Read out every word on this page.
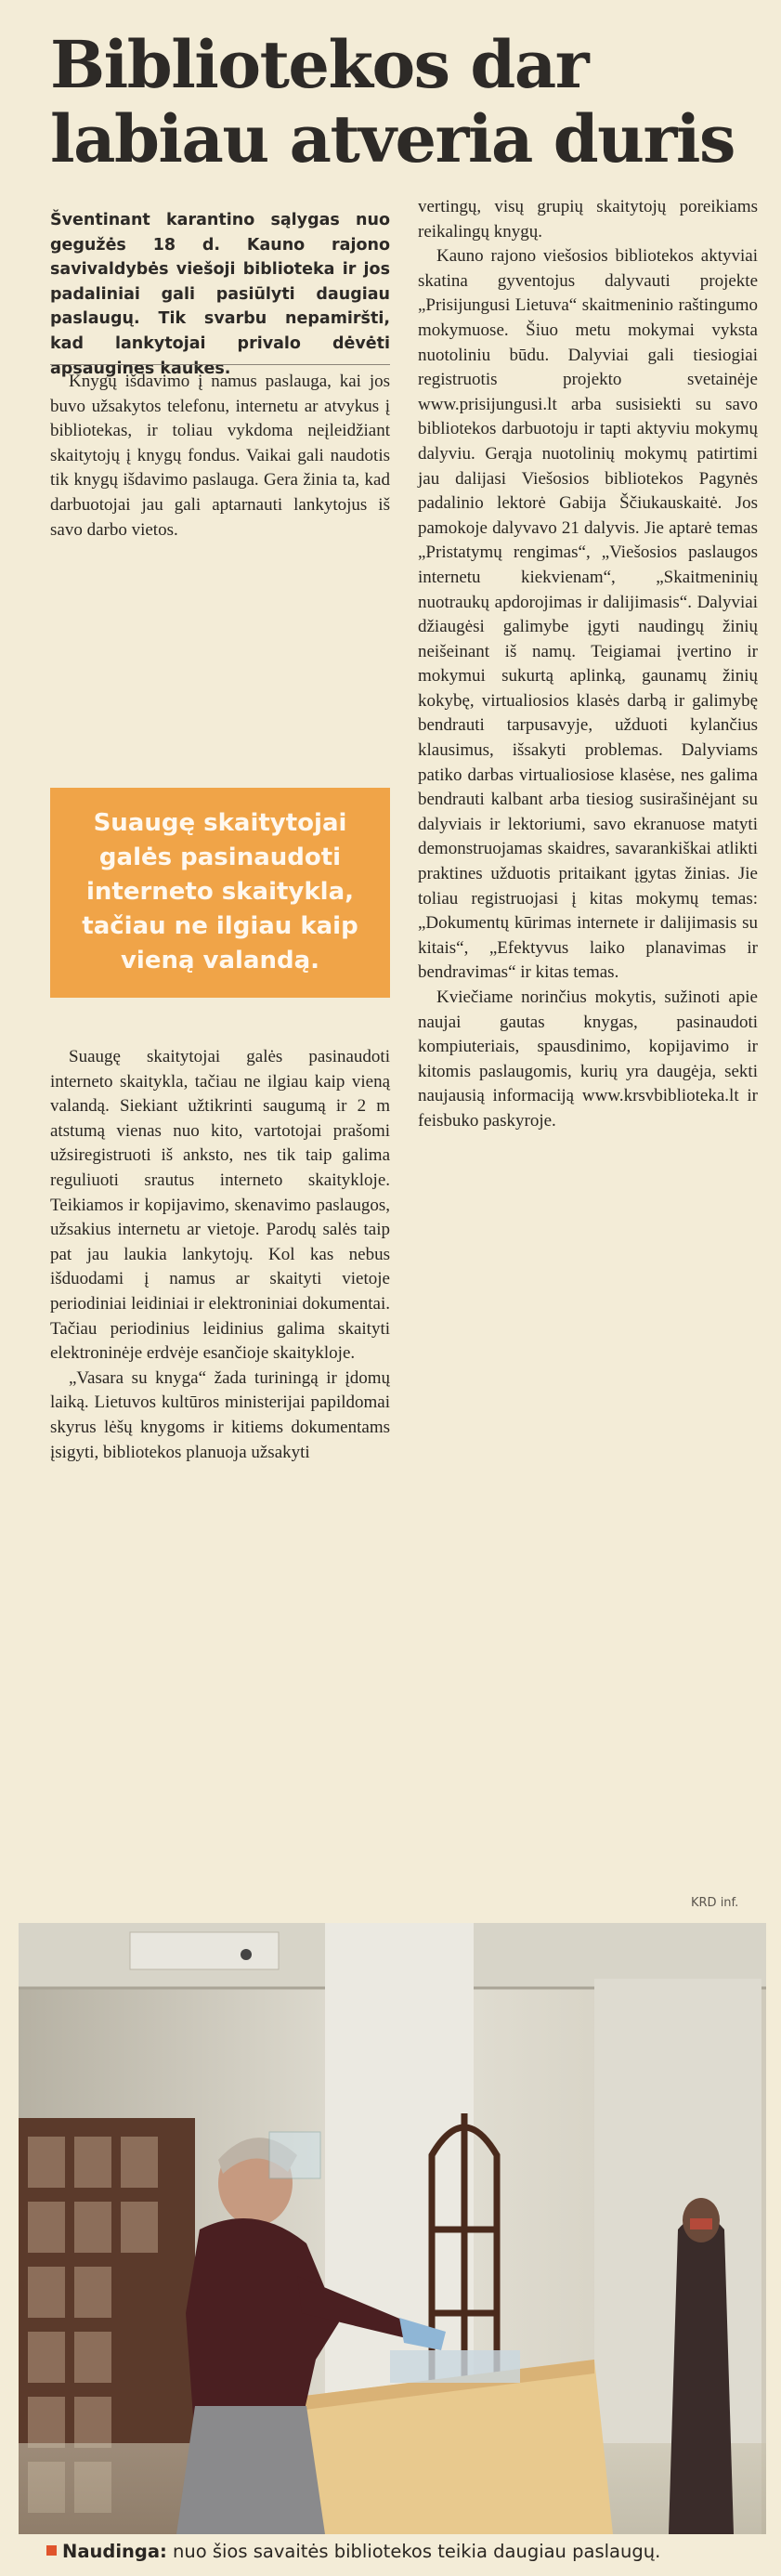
Bibliotekos dar labiau atveria duris
Šventinant karantino sąlygas nuo gegužės 18 d. Kauno rajono savivaldybės viešoji biblioteka ir jos padaliniai gali pasiūlyti daugiau paslaugų. Tik svarbu nepamiršti, kad lankytojai privalo dėvėti apsaugines kaukes.

Knygų išdavimo į namus paslauga, kai jos buvo užsakytos telefonu, internetu ar atvykus į bibliotekas, ir toliau vykdoma neįleidžiant skaitytojų į knygų fondus. Vaikai gali naudotis tik knygų išdavimo paslauga. Gera žinia ta, kad darbuotojai jau gali aptarnauti lankytojus iš savo darbo vietos.

Suaugę skaitytojai galės pasinaudoti interneto skaitykla, tačiau ne ilgiau kaip vieną valandą.

Suaugę skaitytojai galės pasinaudoti interneto skaitykla, tačiau ne ilgiau kaip vieną valandą. Siekiant užtikrinti saugumą ir 2 m atstumą vienas nuo kito, vartotojai prašomi užsiregistruoti iš anksto, nes tik taip galima reguliuoti srautus interneto skaitykloje. Teikiamos ir kopijavimo, skenavimo paslaugos, užsakius internetu ar vietoje. Parodų salės taip pat jau laukia lankytojų. Kol kas nebus išduodami į namus ar skaityti vietoje periodiniai leidiniai ir elektroniniai dokumentai. Tačiau periodinius leidinius galima skaityti elektroninėje erdvėje esančioje skaitykloje.

„Vasara su knyga“ žada turiningą ir įdomų laiką. Lietuvos kultūros ministerijai papildomai skyrus lėšų knygoms ir kitiems dokumentams įsigyti, bibliotekos planuoja užsakyti

vertingų, visų grupių skaitytojų poreikiams reikalingų knygų.

Kauno rajono viešosios bibliotekos aktyviai skatina gyventojus dalyvauti projekte „Prisijungusi Lietuva“ skaitmeninio raštingumo mokymuose. Šiuo metu mokymai vyksta nuotoliniu būdu. Dalyviai gali tiesiogiai registruotis projekto svetainėje www.prisijungusi.lt arba susisiekti su savo bibliotekos darbuotoju ir tapti aktyviu mokymų dalyviu. Gerąja nuotolinių mokymų patirtimi jau dalijasi Viešosios bibliotekos Pagynės padalinio lektorė Gabija Ščiukauskaitė. Jos pamokoje dalyvavo 21 dalyvis. Jie aptarė temas „Pristatymų rengimas“, „Viešosios paslaugos internetu kiekvienam“, „Skaitmeninių nuotraukų apdorojimas ir dalijimasis“. Dalyviai džiaugėsi galimybe įgyti naudingų žinių neišeinant iš namų. Teigiamai įvertino ir mokymui sukurtą aplinką, gaunamų žinių kokybę, virtualiosios klasės darbą ir galimybę bendrauti tarpusavyje, užduoti kylančius klausimus, išsakyti problemas. Dalyviams patiko darbas virtualiosiose klasėse, nes galima bendrauti kalbant arba tiesiog susirašinėjant su dalyviais ir lektoriumi, savo ekranuose matyti demonstruojamas skaidres, savarankiškai atlikti praktines užduotis pritaikant įgytas žinias. Jie toliau registruojasi į kitas mokymų temas: „Dokumentų kūrimas internete ir dalijimasis su kitais“, „Efektyvus laiko planavimas ir bendravimas“ ir kitas temas.

Kviečiame norinčius mokytis, sužinoti apie naujai gautas knygas, pasinaudoti kompiuteriais, spausdinimo, kopijavimo ir kitomis paslaugomis, kurių yra daugėja, sekti naujausią informaciją www.krsvbiblioteka.lt ir feisbuko paskyroje.

KRD inf.
Naudinga: nuo šios savaitės bibliotekos teikia daugiau paslaugų.
